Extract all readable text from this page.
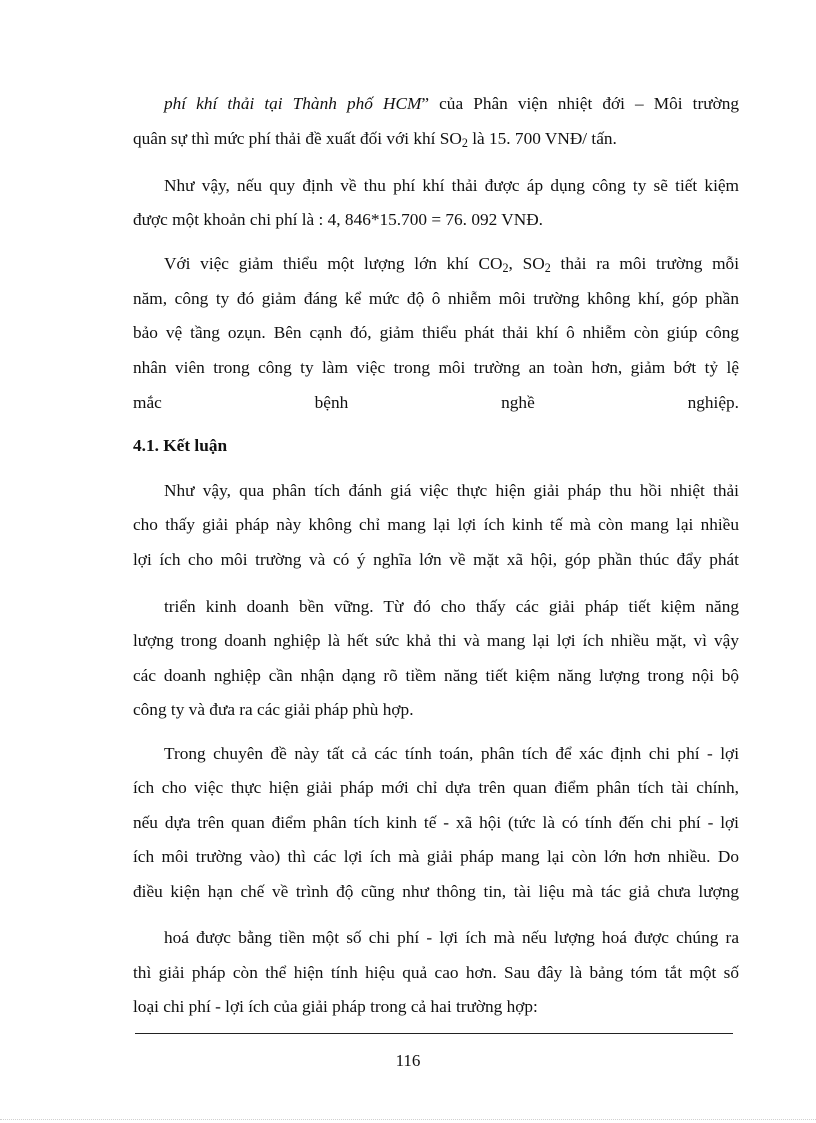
phí khí thải tại Thành phố HCM” của Phân viện nhiệt đới – Môi trường
quân sự thì mức phí thải đề xuất đối với khí $SO_2$ là 15. 700 VNĐ/ tấn.
Như vậy, nếu quy định về thu phí khí thải được áp dụng công ty sẽ tiết kiệm
được một khoản chi phí là : 4, 846*15.700 = 76. 092 VNĐ.
Với việc giảm thiểu một lượng lớn khí $CO_2$, $SO_2$ thải ra môi trường mỗi
năm, công ty đó giảm đáng kể mức độ ô nhiễm môi trường không khí, góp phần
bảo vệ tầng ozụn. Bên cạnh đó, giảm thiểu phát thải khí ô nhiễm còn giúp công
nhân viên trong công ty làm việc trong môi trường an toàn hơn, giảm bớt tỷ lệ
mắc bệnh nghề nghiệp.
4.1. Kết luận
Như vậy, qua phân tích đánh giá việc thực hiện giải pháp thu hồi nhiệt thải
cho thấy giải pháp này không chỉ mang lại lợi ích kinh tế mà còn mang lại nhiều
lợi ích cho môi trường và có ý nghĩa lớn về mặt xã hội, góp phần thúc đẩy phát
triển kinh doanh bền vững. Từ đó cho thấy các giải pháp tiết kiệm năng
lượng trong doanh nghiệp là hết sức khả thi và mang lại lợi ích nhiều mặt, vì vậy
các doanh nghiệp cần nhận dạng rõ tiềm năng tiết kiệm năng lượng trong nội bộ
công ty và đưa ra các giải pháp phù hợp.
Trong chuyên đề này tất cả các tính toán, phân tích để xác định chi phí - lợi
ích cho việc thực hiện giải pháp mới chỉ dựa trên quan điểm phân tích tài chính,
nếu dựa trên quan điểm phân tích kinh tế - xã hội (tức là có tính đến chi phí - lợi
ích môi trường vào) thì các lợi ích mà giải pháp mang lại còn lớn hơn nhiều. Do
điều kiện hạn chế về trình độ cũng như thông tin, tài liệu mà tác giả chưa lượng
hoá được bằng tiền một số chi phí - lợi ích mà nếu lượng hoá được chúng ra
thì giải pháp còn thể hiện tính hiệu quả cao hơn. Sau đây là bảng tóm tắt một số
loại chi phí - lợi ích của giải pháp trong cả hai trường hợp:
116
